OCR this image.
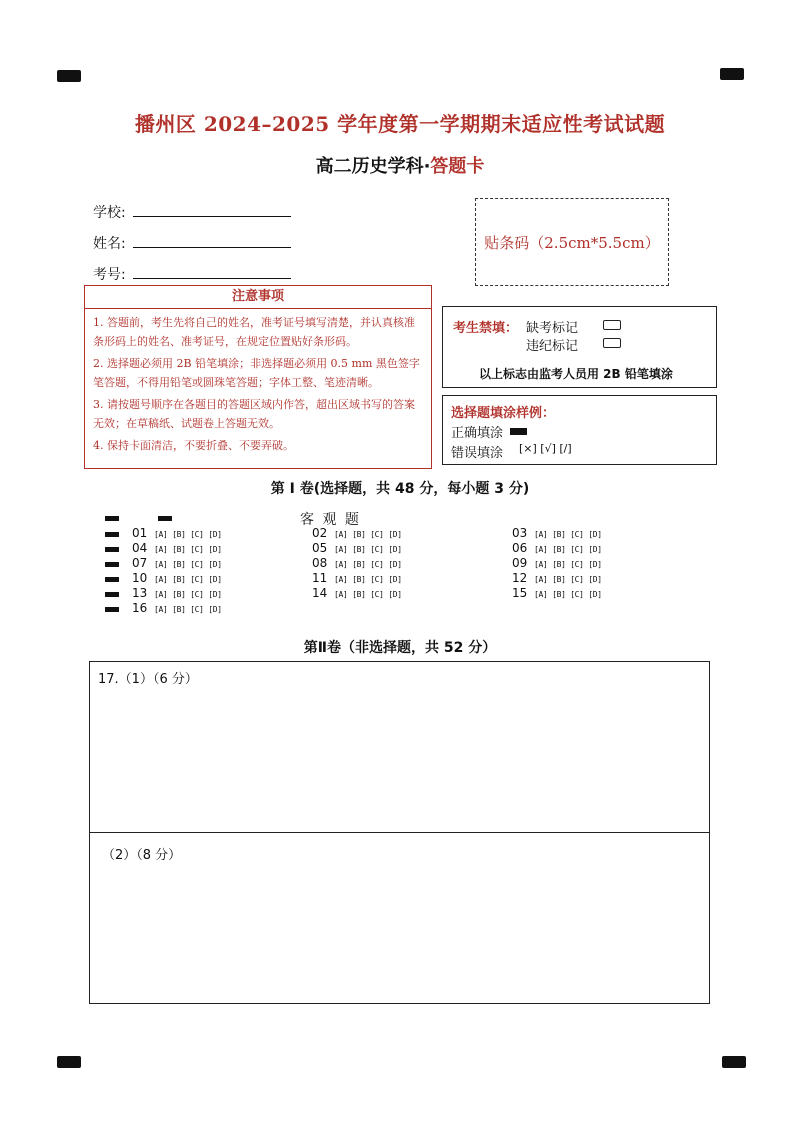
播州区 2024–2025 学年度第一学期期末适应性考试试题
高二历史学科·答题卡
学校:
姓名:
考号:
贴条码（2.5cm*5.5cm）
注意事项
1. 答题前，考生先将自己的姓名，准考证号填写清楚，并认真核准条形码上的姓名、准考证号，在规定位置贴好条形码。
2. 选择题必须用 2B 铅笔填涂；非选择题必须用 0.5 mm 黑色签字笔答题，不得用铅笔或圆珠笔答题；字体工整、笔迹清晰。
3. 请按题号顺序在各题目的答题区域内作答，超出区域书写的答案无效；在草稿纸、试题卷上答题无效。
4. 保持卡面清洁，不要折叠、不要弄破。
考生禁填： 缺考标记
违纪标记
以上标志由监考人员用 2B 铅笔填涂
选择题填涂样例：
正确填涂
错误填涂 [×] [√] [/]
第 I 卷(选择题，共 48 分，每小题 3 分)
客 观 题
01 [A] [B] [C] [D]	02 [A] [B] [C] [D]	03 [A] [B] [C] [D]
04 [A] [B] [C] [D]	05 [A] [B] [C] [D]	06 [A] [B] [C] [D]
07 [A] [B] [C] [D]	08 [A] [B] [C] [D]	09 [A] [B] [C] [D]
10 [A] [B] [C] [D]	11 [A] [B] [C] [D]	12 [A] [B] [C] [D]
13 [A] [B] [C] [D]	14 [A] [B] [C] [D]	15 [A] [B] [C] [D]
16 [A] [B] [C] [D]
第Ⅱ卷（非选择题，共 52 分）
17.（1）（6 分）
（2）（8 分）
